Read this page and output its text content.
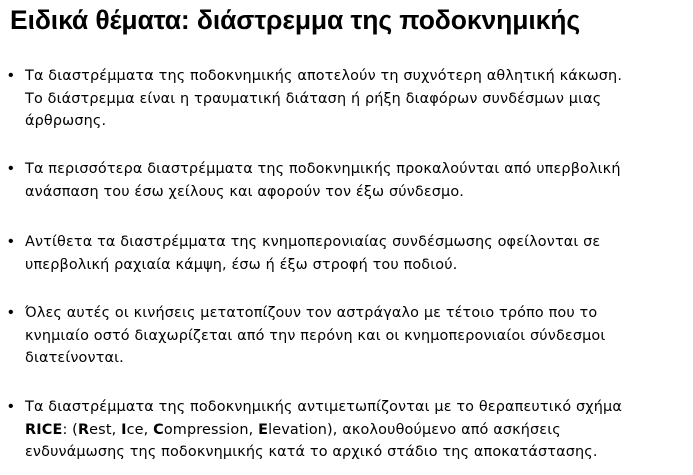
Ειδικά θέματα: διάστρεμμα της ποδοκνημικής
• Τα διαστρέμματα της ποδοκνημικής αποτελούν τη συχνότερη αθλητική κάκωση.
Το διάστρεμμα είναι η τραυματική διάταση ή ρήξη διαφόρων συνδέσμων μιας
άρθρωσης.
• Τα περισσότερα διαστρέμματα της ποδοκνημικής προκαλούνται από υπερβολική
ανάσπαση του έσω χείλους και αφορούν τον έξω σύνδεσμο.
• Αντίθετα τα διαστρέμματα της κνημοπερονιαίας συνδέσμωσης οφείλονται σε
υπερβολική ραχιαία κάμψη, έσω ή έξω στροφή του ποδιού.
• Όλες αυτές οι κινήσεις μετατοπίζουν τον αστράγαλο με τέτοιο τρόπο που το
κνημιαίο οστό διαχωρίζεται από την περόνη και οι κνημοπερονιαίοι σύνδεσμοι
διατείνονται.
• Τα διαστρέμματα της ποδοκνημικής αντιμετωπίζονται με το θεραπευτικό σχήμα
RICE: (Rest, Ice, Compression, Elevation), ακολουθούμενο από ασκήσεις
ενδυνάμωσης της ποδοκνημικής κατά το αρχικό στάδιο της αποκατάστασης.
